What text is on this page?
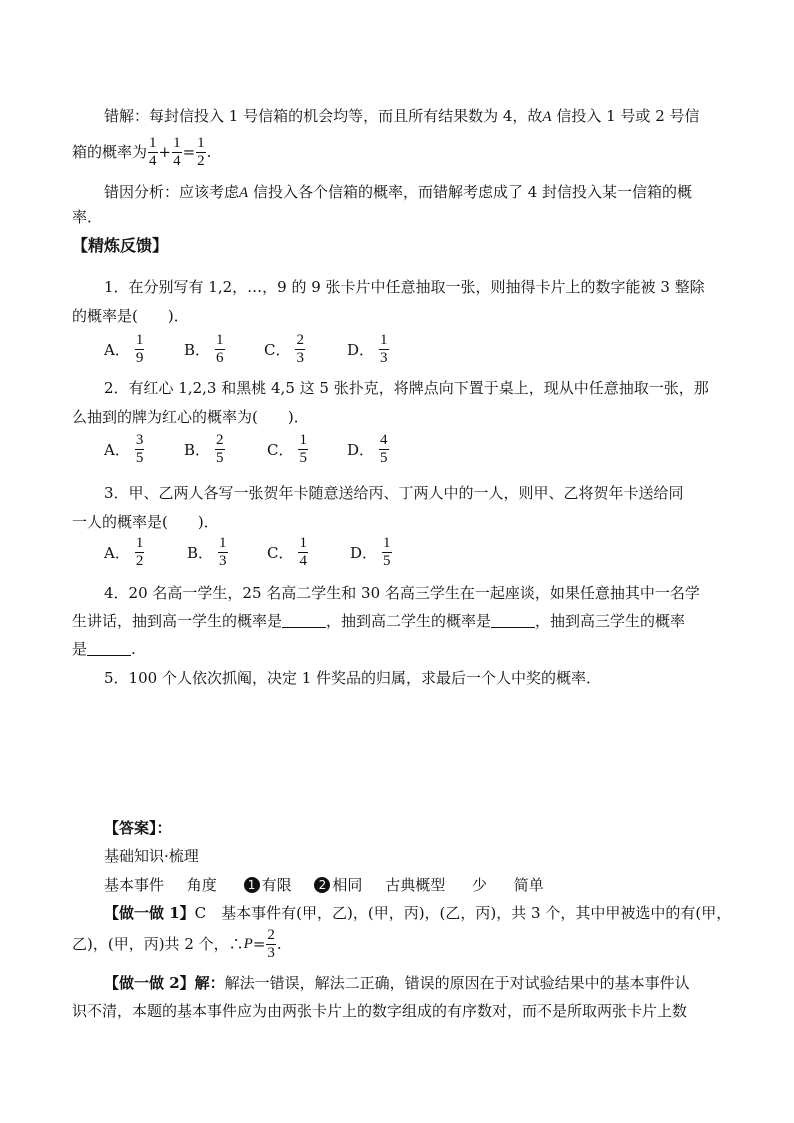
错解：每封信投入 1 号信箱的机会均等，而且所有结果数为 4，故A 信投入 1 号或 2 号信
箱的概率为 $\frac{1}{4} + \frac{1}{4} = \frac{1}{2}$ .
错因分析：应该考虑A 信投入各个信箱的概率，而错解考虑成了 4 封信投入某一信箱的概
率．
【精炼反馈】
1．在分别写有 1,2，…，9 的 9 张卡片中任意抽取一张，则抽得卡片上的数字能被 3 整除
的概率是(　　)．
A． $\frac{1}{9}$	B． $\frac{1}{6}$	C． $\frac{2}{3}$	D． $\frac{1}{3}$
2．有红心 1,2,3 和黑桃 4,5 这 5 张扑克，将牌点向下置于桌上，现从中任意抽取一张，那
么抽到的牌为红心的概率为(　　)．
A． $\frac{3}{5}$	B． $\frac{2}{5}$	C． $\frac{1}{5}$	D． $\frac{4}{5}$
3．甲、乙两人各写一张贺年卡随意送给丙、丁两人中的一人，则甲、乙将贺年卡送给同
一人的概率是(　　)．
A． $\frac{1}{2}$	B． $\frac{1}{3}$	C． $\frac{1}{4}$	D． $\frac{1}{5}$
4．20 名高一学生，25 名高二学生和 30 名高三学生在一起座谈，如果任意抽其中一名学
生讲话，抽到高一学生的概率是	，抽到高二学生的概率是	，抽到高三学生的概率
是	.
5．100 个人依次抓阄，决定 1 件奖品的归属，求最后一个人中奖的概率．
【答案】：
基础知识·梳理
基本事件 角度	1 有限 2 相同 古典概型 少 简单
【做一做 1】C　基本事件有(甲，乙)，(甲，丙)，(乙，丙)，共 3 个，其中甲被选中的有(甲，
乙)，(甲，丙)共 2 个，∴ $P = \frac{2}{3}$ .
【做一做 2】解：解法一错误，解法二正确，错误的原因在于对试验结果中的基本事件认
识不清，本题的基本事件应为由两张卡片上的数字组成的有序数对，而不是所取两张卡片上数
